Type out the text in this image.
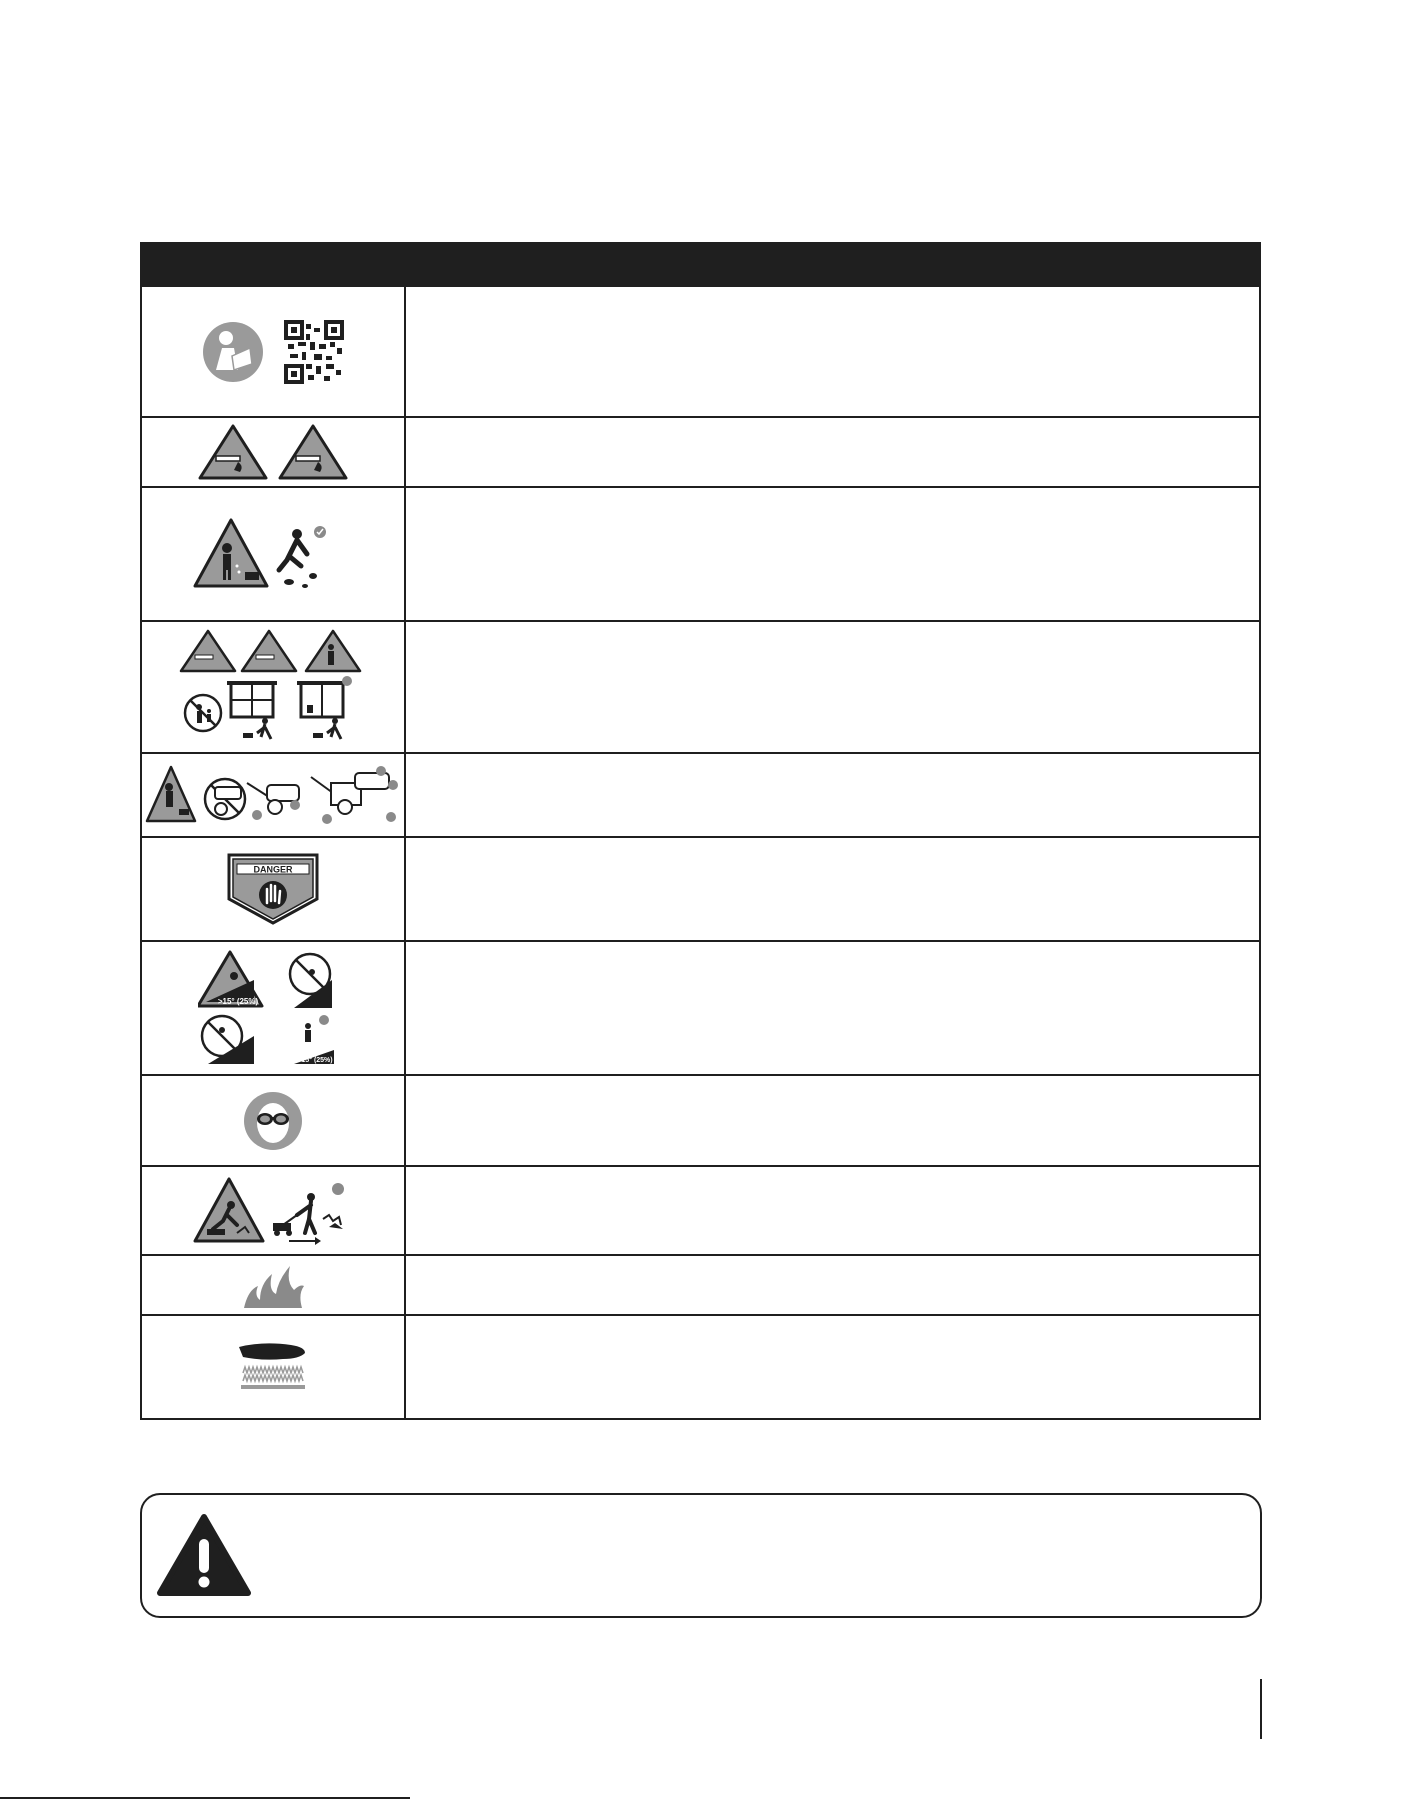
DANGER
>15° (25%)
< 15° (25%)
